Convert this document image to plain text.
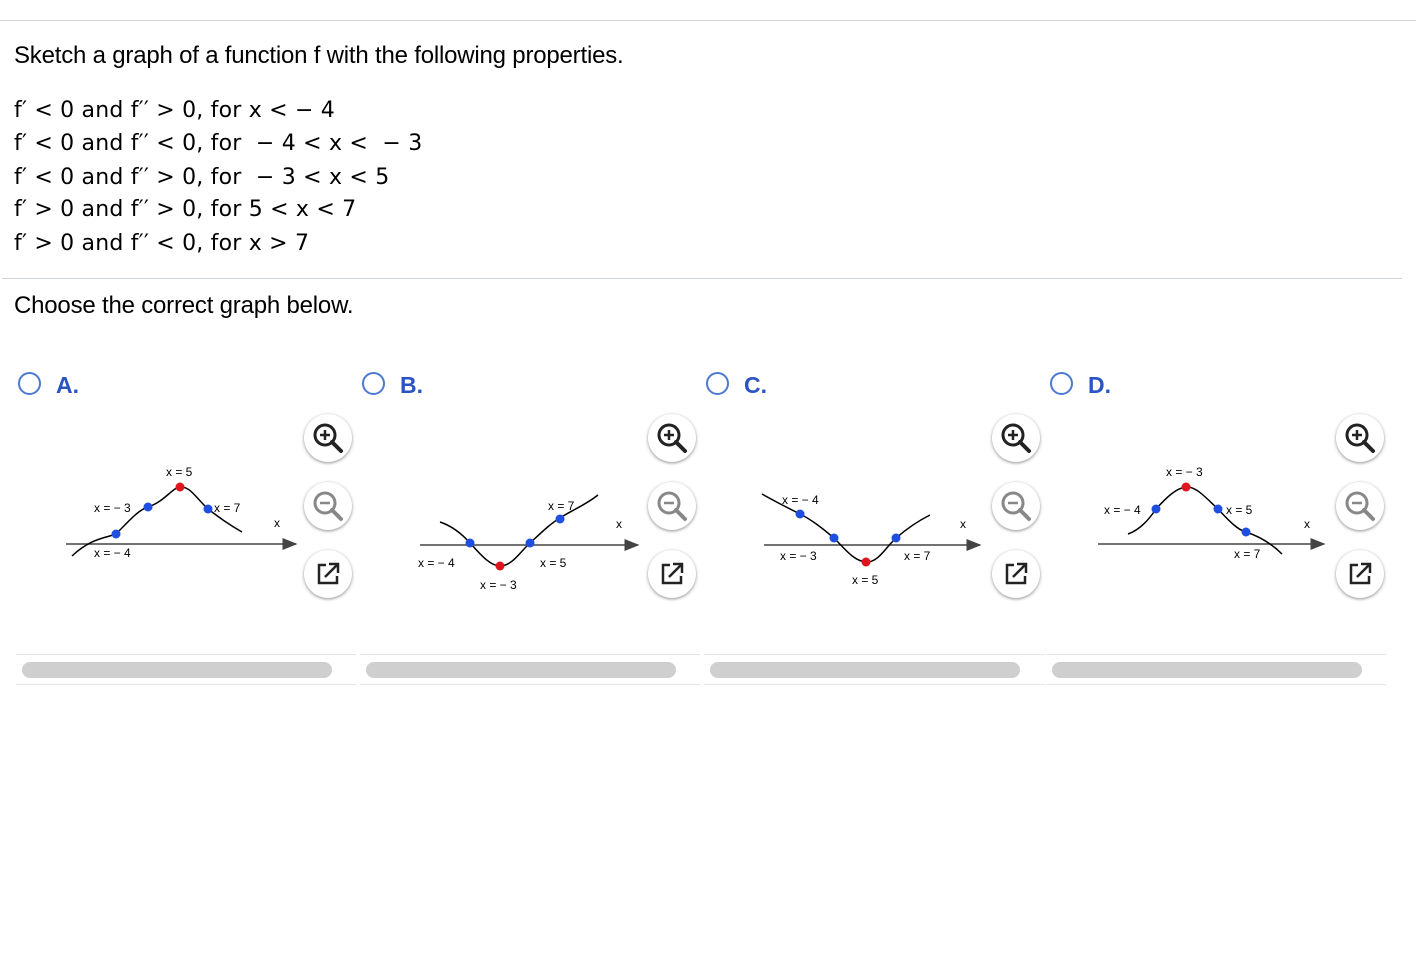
Sketch a graph of a function f with the following properties.
f′ < 0 and f′′ > 0, for x < − 4
f′ < 0 and f′′ < 0, for  − 4 < x <  − 3
f′ < 0 and f′′ > 0, for  − 3 < x < 5
f′ > 0 and f′′ > 0, for 5 < x < 7
f′ > 0 and f′′ < 0, for x > 7
Choose the correct graph below.
A.
x = 5
x = − 3	x = 7
x = − 4
x
B.
x = − 4
x = − 3
x = 5
x = 7
x
C.
x = − 4
x = − 3
x = 5
x = 7
x
D.
x = − 3
x = − 4	x = 5
x = 7
x
